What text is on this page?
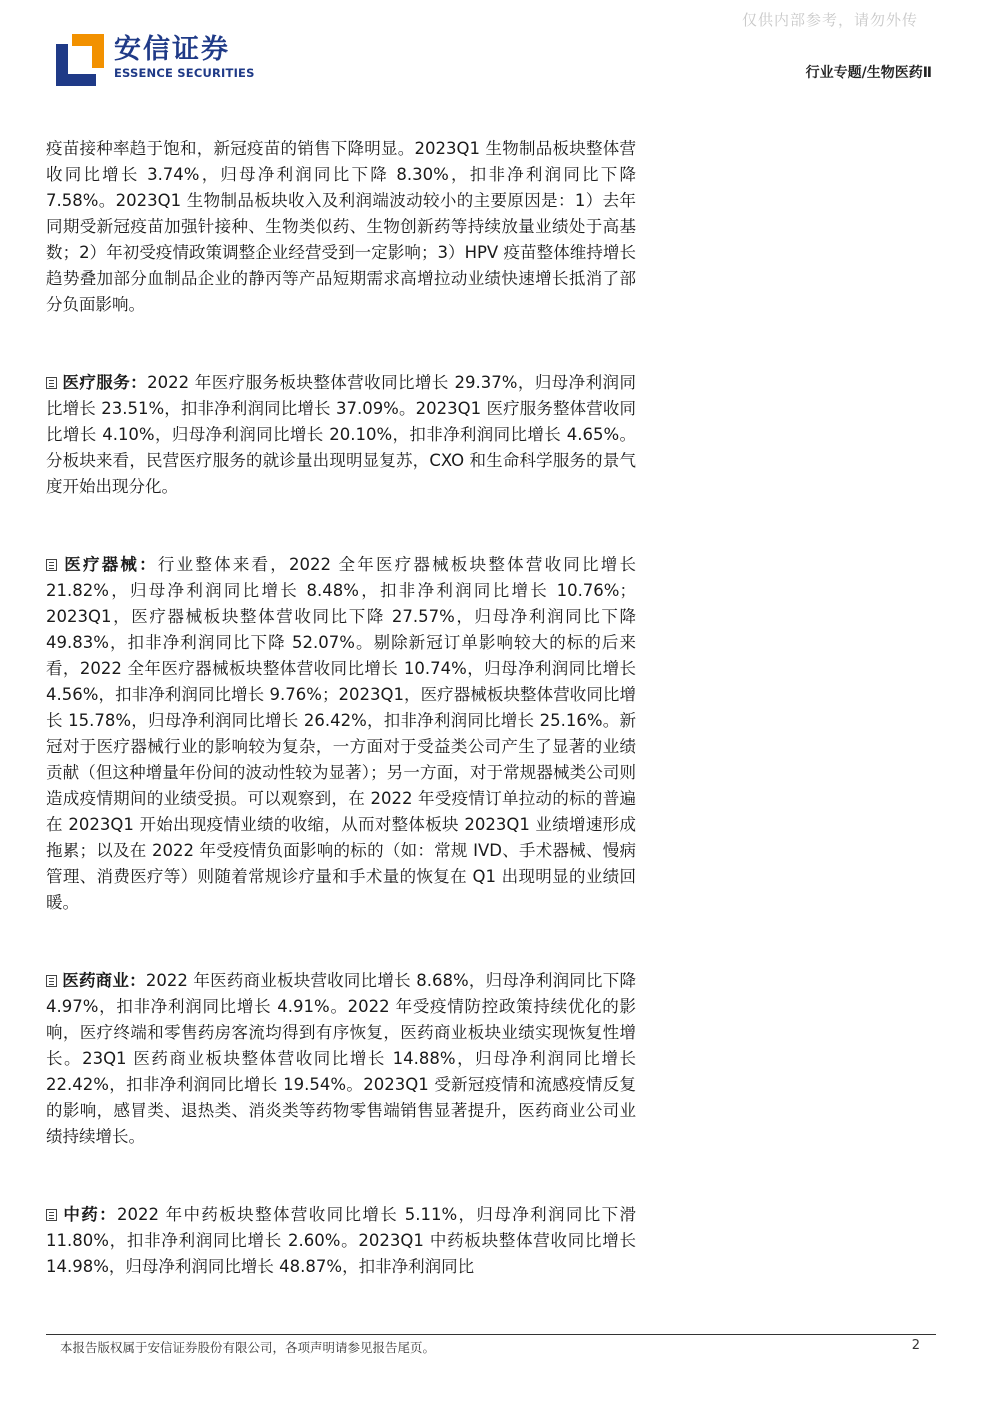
仅供内部参考，请勿外传
安信证券
ESSENCE SECURITIES	行业专题/生物医药Ⅱ

疫苗接种率趋于饱和，新冠疫苗的销售下降明显。2023Q1 生物制品板块整体营收同比增长 3.74%，归母净利润同比下降 8.30%，扣非净利润同比下降 7.58%。2023Q1 生物制品板块收入及利润端波动较小的主要原因是：1）去年同期受新冠疫苗加强针接种、生物类似药、生物创新药等持续放量业绩处于高基数；2）年初受疫情政策调整企业经营受到一定影响；3）HPV 疫苗整体维持增长趋势叠加部分血制品企业的静丙等产品短期需求高增拉动业绩快速增长抵消了部分负面影响。

医疗服务：2022 年医疗服务板块整体营收同比增长 29.37%，归母净利润同比增长 23.51%，扣非净利润同比增长 37.09%。2023Q1 医疗服务整体营收同比增长 4.10%，归母净利润同比增长 20.10%，扣非净利润同比增长 4.65%。分板块来看，民营医疗服务的就诊量出现明显复苏，CXO 和生命科学服务的景气度开始出现分化。

医疗器械：行业整体来看，2022 全年医疗器械板块整体营收同比增长 21.82%，归母净利润同比增长 8.48%，扣非净利润同比增长 10.76%；2023Q1，医疗器械板块整体营收同比下降 27.57%，归母净利润同比下降 49.83%，扣非净利润同比下降 52.07%。剔除新冠订单影响较大的标的后来看，2022 全年医疗器械板块整体营收同比增长 10.74%，归母净利润同比增长 4.56%，扣非净利润同比增长 9.76%；2023Q1，医疗器械板块整体营收同比增长 15.78%，归母净利润同比增长 26.42%，扣非净利润同比增长 25.16%。新冠对于医疗器械行业的影响较为复杂，一方面对于受益类公司产生了显著的业绩贡献（但这种增量年份间的波动性较为显著）；另一方面，对于常规器械类公司则造成疫情期间的业绩受损。可以观察到，在 2022 年受疫情订单拉动的标的普遍在 2023Q1 开始出现疫情业绩的收缩，从而对整体板块 2023Q1 业绩增速形成拖累；以及在 2022 年受疫情负面影响的标的（如：常规 IVD、手术器械、慢病管理、消费医疗等）则随着常规诊疗量和手术量的恢复在 Q1 出现明显的业绩回暖。

医药商业：2022 年医药商业板块营收同比增长 8.68%，归母净利润同比下降 4.97%，扣非净利润同比增长 4.91%。2022 年受疫情防控政策持续优化的影响，医疗终端和零售药房客流均得到有序恢复，医药商业板块业绩实现恢复性增长。23Q1 医药商业板块整体营收同比增长 14.88%，归母净利润同比增长 22.42%，扣非净利润同比增长 19.54%。2023Q1 受新冠疫情和流感疫情反复的影响，感冒类、退热类、消炎类等药物零售端销售显著提升，医药商业公司业绩持续增长。

中药：2022 年中药板块整体营收同比增长 5.11%，归母净利润同比下滑 11.80%，扣非净利润同比增长 2.60%。2023Q1 中药板块整体营收同比增长 14.98%，归母净利润同比增长 48.87%，扣非净利润同比

本报告版权属于安信证券股份有限公司，各项声明请参见报告尾页。	2
